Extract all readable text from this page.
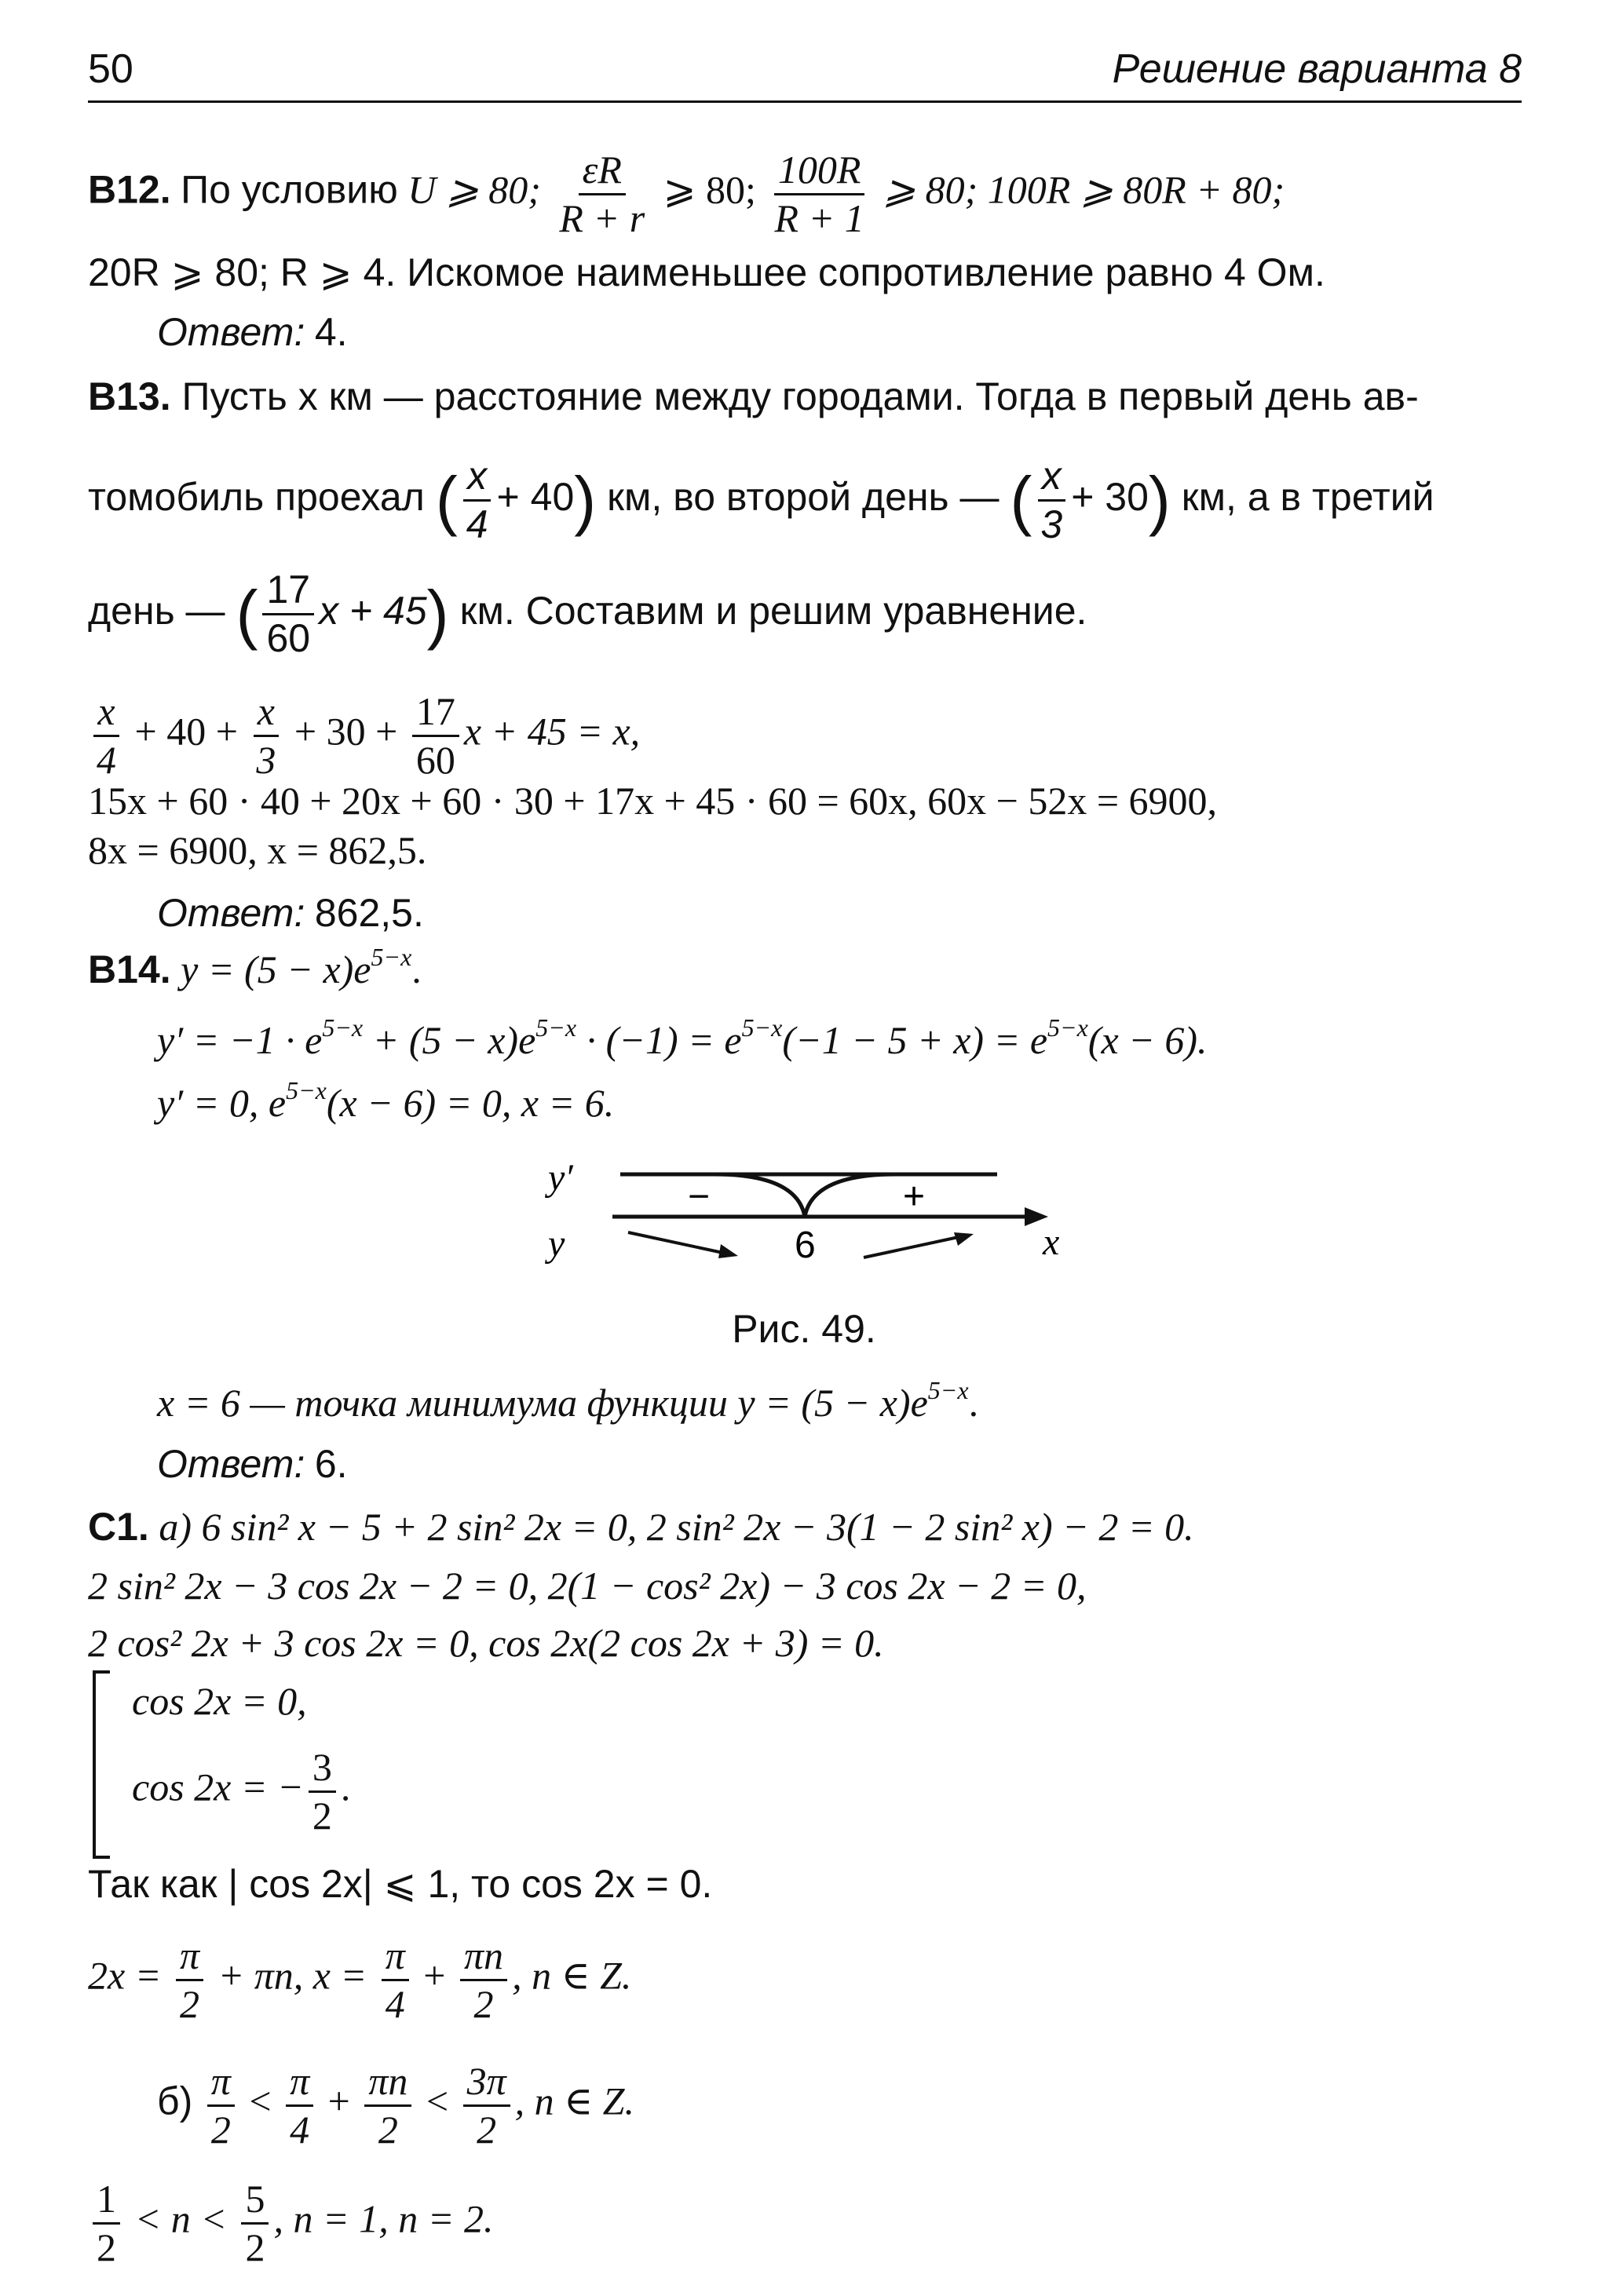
50	Решение варианта 8
B12. По условию U ⩾ 80; $\frac{\varepsilon R}{R + r}$ ⩾ 80; $\frac{100R}{R + 1}$ ⩾ 80; 100R ⩾ 80R + 80;
20R ⩾ 80; R ⩾ 4. Искомое наименьшее сопротивление равно 4 Ом.
Ответ: 4.
B13. Пусть x км — расстояние между городами. Тогда в первый день ав-
томобиль проехал ( $\frac{x}{4} + 40$) км, во второй день — ( $\frac{x}{3} + 30$) км, а в третий
день — ( $\frac{17}{60}$ x + 45) км. Составим и решим уравнение.
$\frac{x}{4} + 40 + \frac{x}{3} + 30 + \frac{17}{60}$ x + 45 = x,
15x + 60 · 40 + 20x + 60 · 30 + 17x + 45 · 60 = 60x, 60x − 52x = 6900,
8x = 6900, x = 862,5.
Ответ: 862,5.
B14. $y = (5 - x)e^{5-x}$.
$y' = -1 \cdot e^{5-x} + (5 - x)e^{5-x} \cdot (-1) = e^{5-x}(-1 - 5 + x) = e^{5-x}(x - 6)$.
y′ = 0, $e^{5-x}(x - 6) = 0$, x = 6.
y′
y
−	+
6	x
Рис. 49.
x = 6 — точка минимума функции $y = (5 - x)e^{5-x}$.
Ответ: 6.
C1. а) 6 sin² x − 5 + 2 sin² 2x = 0, 2 sin² 2x − 3(1 − 2 sin² x) − 2 = 0.
2 sin² 2x − 3 cos 2x − 2 = 0, 2(1 − cos² 2x) − 3 cos 2x − 2 = 0,
2 cos² 2x + 3 cos 2x = 0, cos 2x(2 cos 2x + 3) = 0.
cos 2x = 0,
cos 2x = − $\frac{3}{2}$ .
Так как | cos 2x| ⩽ 1, то cos 2x = 0.
$2x = \frac{\pi}{2} + \pi n$, $x = \frac{\pi}{4} + \frac{\pi n}{2}$ , n ∈ Z.
$б) \frac{\pi}{2} < \frac{\pi}{4} + \frac{\pi n}{2} < \frac{3\pi}{2}$ , n ∈ Z.
$\frac{1}{2} < n < \frac{5}{2}$ , n = 1, n = 2.
